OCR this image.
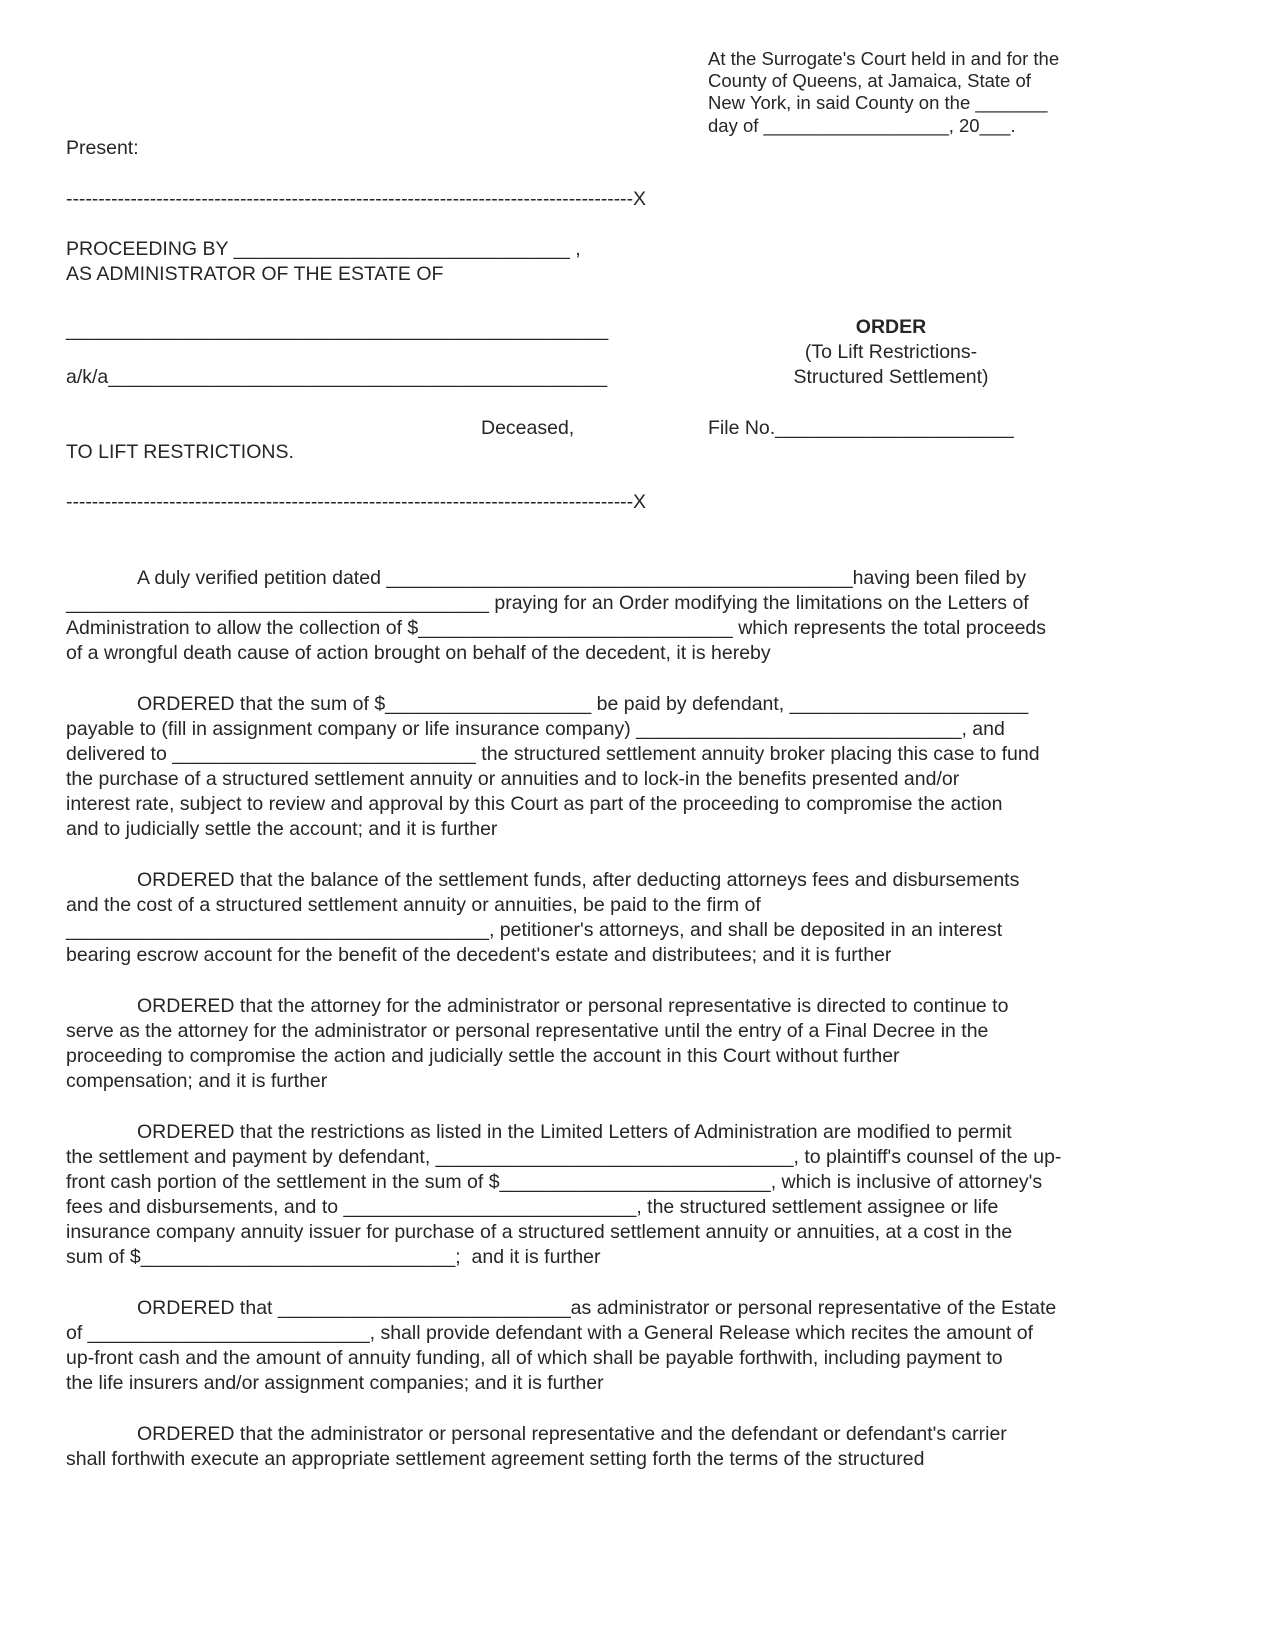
At the Surrogate's Court held in and for the
County of Queens, at Jamaica, State of
New York, in said County on the _______
day of __________________, 20___.
Present:
----------------------------------------------------------------------------------------X
PROCEEDING BY _______________________________ ,
AS ADMINISTRATOR OF THE ESTATE OF
__________________________________________________
a/k/a______________________________________________
Deceased,
TO LIFT RESTRICTIONS.
----------------------------------------------------------------------------------------X
ORDER
(To Lift Restrictions-
Structured Settlement)
File No.______________________
A duly verified petition dated ___________________________________________having been filed by
_______________________________________ praying for an Order modifying the limitations on the Letters of
Administration to allow the collection of $_____________________________ which represents the total proceeds
of a wrongful death cause of action brought on behalf of the decedent, it is hereby
ORDERED that the sum of $___________________ be paid by defendant, ______________________
payable to (fill in assignment company or life insurance company) ______________________________, and
delivered to ____________________________ the structured settlement annuity broker placing this case to fund
the purchase of a structured settlement annuity or annuities and to lock-in the benefits presented and/or
interest rate, subject to review and approval by this Court as part of the proceeding to compromise the action
and to judicially settle the account; and it is further
ORDERED that the balance of the settlement funds, after deducting attorneys fees and disbursements
and the cost of a structured settlement annuity or annuities, be paid to the firm of
_______________________________________, petitioner's attorneys, and shall be deposited in an interest
bearing escrow account for the benefit of the decedent's estate and distributees; and it is further
ORDERED that the attorney for the administrator or personal representative is directed to continue to
serve as the attorney for the administrator or personal representative until the entry of a Final Decree in the
proceeding to compromise the action and judicially settle the account in this Court without further
compensation; and it is further
ORDERED that the restrictions as listed in the Limited Letters of Administration are modified to permit
the settlement and payment by defendant, _________________________________, to plaintiff's counsel of the up-
front cash portion of the settlement in the sum of $_________________________, which is inclusive of attorney's
fees and disbursements, and to ___________________________, the structured settlement assignee or life
insurance company annuity issuer for purchase of a structured settlement annuity or annuities, at a cost in the
sum of $_____________________________;  and it is further
ORDERED that ___________________________as administrator or personal representative of the Estate
of __________________________, shall provide defendant with a General Release which recites the amount of
up-front cash and the amount of annuity funding, all of which shall be payable forthwith, including payment to
the life insurers and/or assignment companies; and it is further
ORDERED that the administrator or personal representative and the defendant or defendant's carrier
shall forthwith execute an appropriate settlement agreement setting forth the terms of the structured
